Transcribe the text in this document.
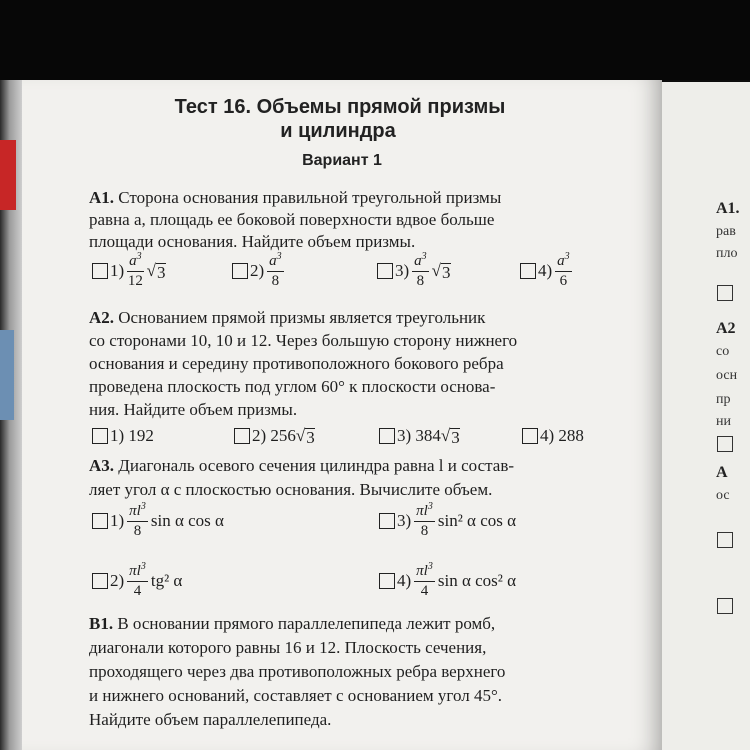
Тест 16. Объемы прямой призмы
и цилиндра
Вариант 1
А1. Сторона основания правильной треугольной призмы
равна a, площадь ее боковой поверхности вдвое больше
площади основания. Найдите объем призмы.
$1) \frac{a^3}{12}$ √ 3	$2) \frac{a^3}{8}$	$3) \frac{a^3}{8}$ √ 3	$4) \frac{a^3}{6}$
А2. Основанием прямой призмы является треугольник
со сторонами 10, 10 и 12. Через большую сторону нижнего
основания и середину противоположного бокового ребра
проведена плоскость под углом 60° к плоскости основа-
ния. Найдите объем призмы.
1)
192	2)
256 √ 3	3)
384 √ 3	4)
288
А3. Диагональ осевого сечения цилиндра равна l и состав-
ляет угол α с плоскостью основания. Вычислите объем.
$1) \frac{\pi l^3}{8}$ sin α cos α	$3) \frac{\pi l^3}{8} \sin^2$ α cos α
$2) \frac{\pi l^3}{4} tg^2$ α	$4) \frac{\pi l^3}{4}$ sin α cos² α
В1. В основании прямого параллелепипеда лежит ромб,
диагонали которого равны 16 и 12. Плоскость сечения,
проходящего через два противоположных ребра верхнего
и нижнего оснований, составляет с основанием угол 45°.
Найдите объем параллелепипеда.
А1.
рав
пло
А2
со
осн
пр
ни
А
ос
